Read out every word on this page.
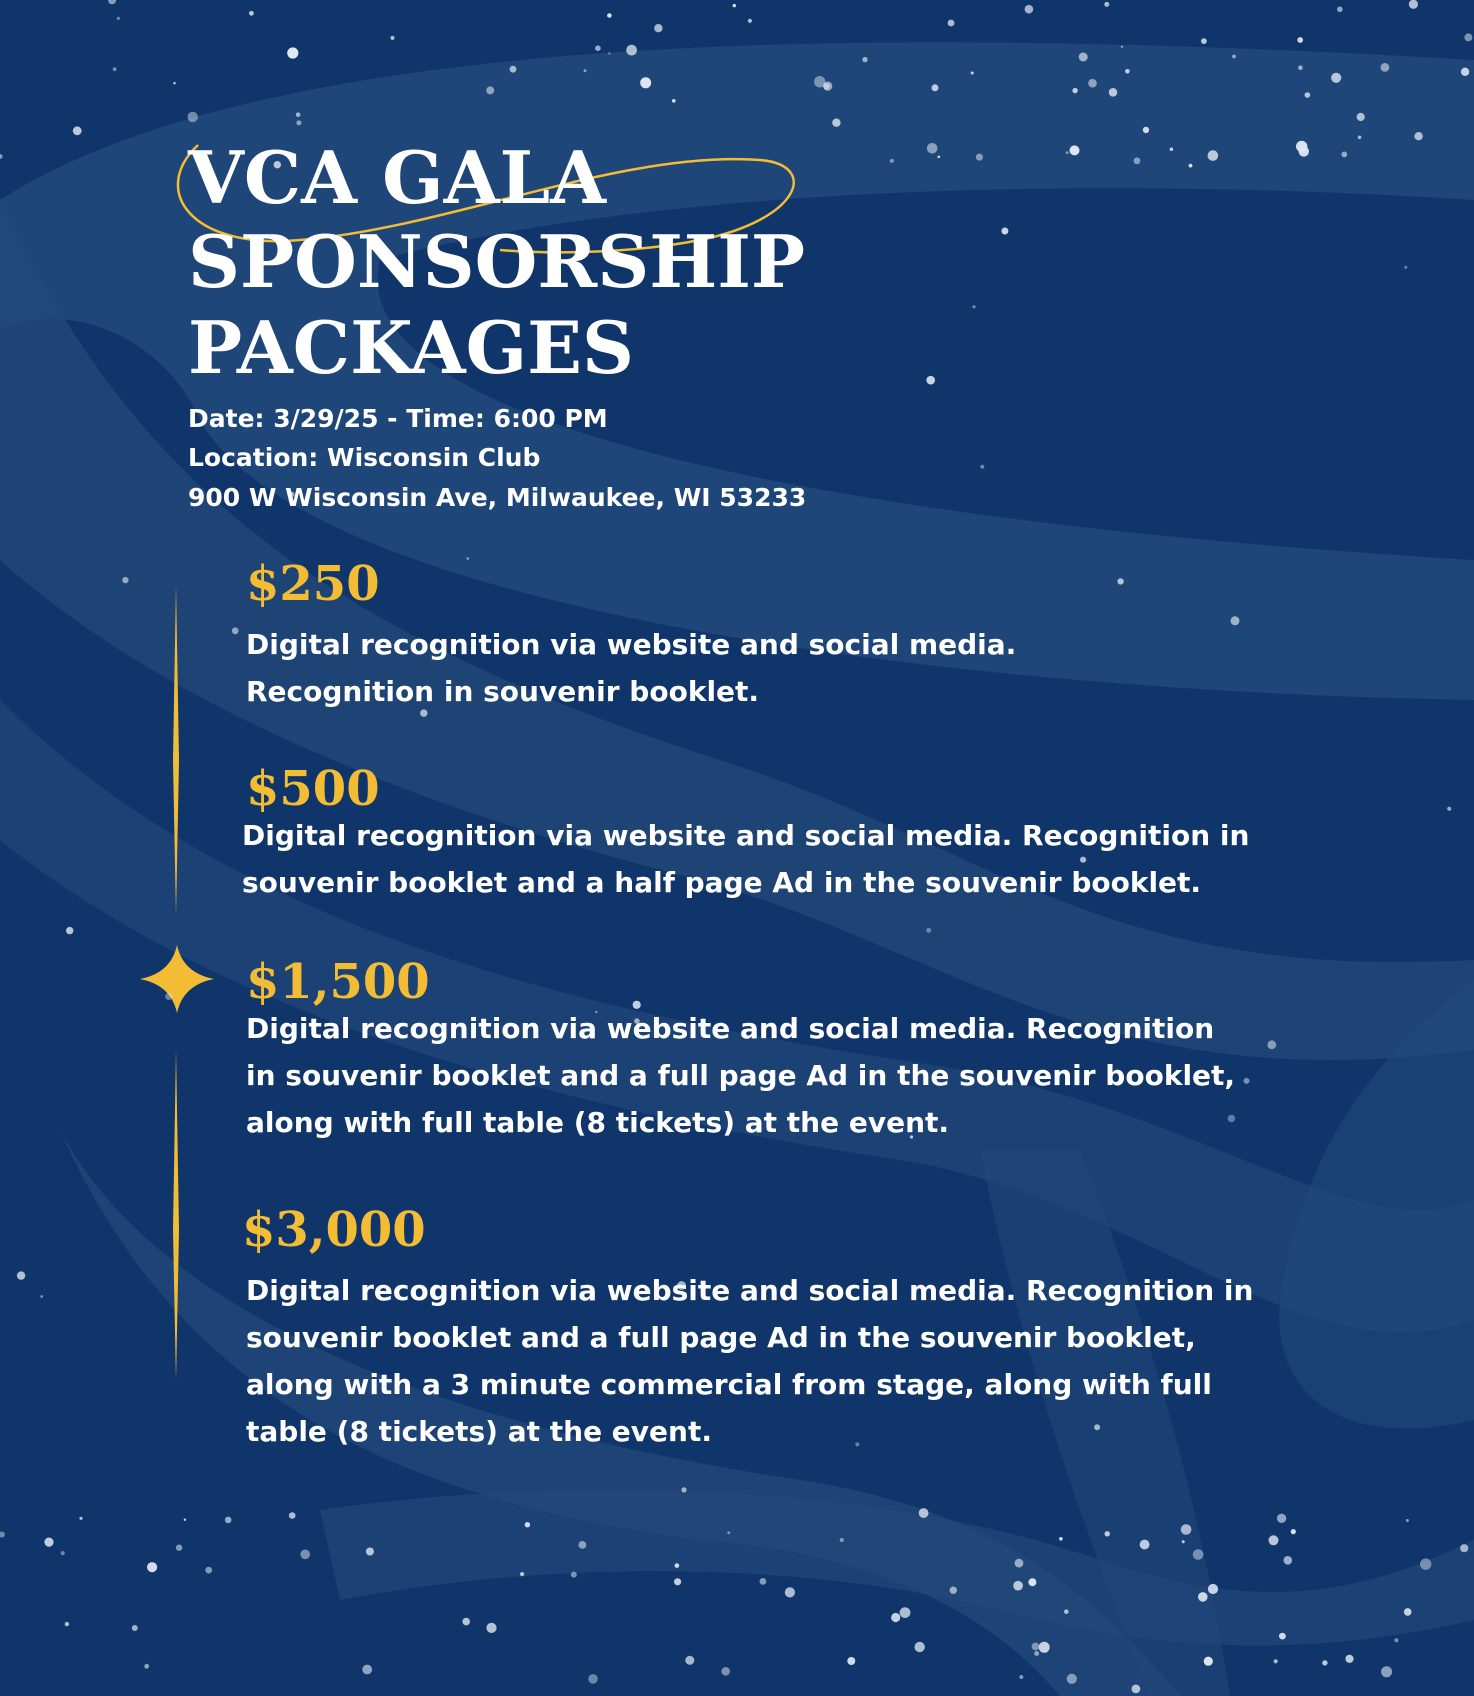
VCA GALA
SPONSORSHIP
PACKAGES

Date: 3/29/25 - Time: 6:00 PM

Location: Wisconsin Club

900 W Wisconsin Ave, Milwaukee, WI 53233

$250

Digital recognition via website and social media.

Recognition in souvenir booklet.

$500

Digital recognition via website and social media. Recognition in

souvenir booklet and a half page Ad in the souvenir booklet.

$1,500

Digital recognition via website and social media. Recognition

in souvenir booklet and a full page Ad in the souvenir booklet,

along with full table (8 tickets) at the event.

$3,000

Digital recognition via website and social media. Recognition in

souvenir booklet and a full page Ad in the souvenir booklet,

along with a 3 minute commercial from stage, along with full

table (8 tickets) at the event.
